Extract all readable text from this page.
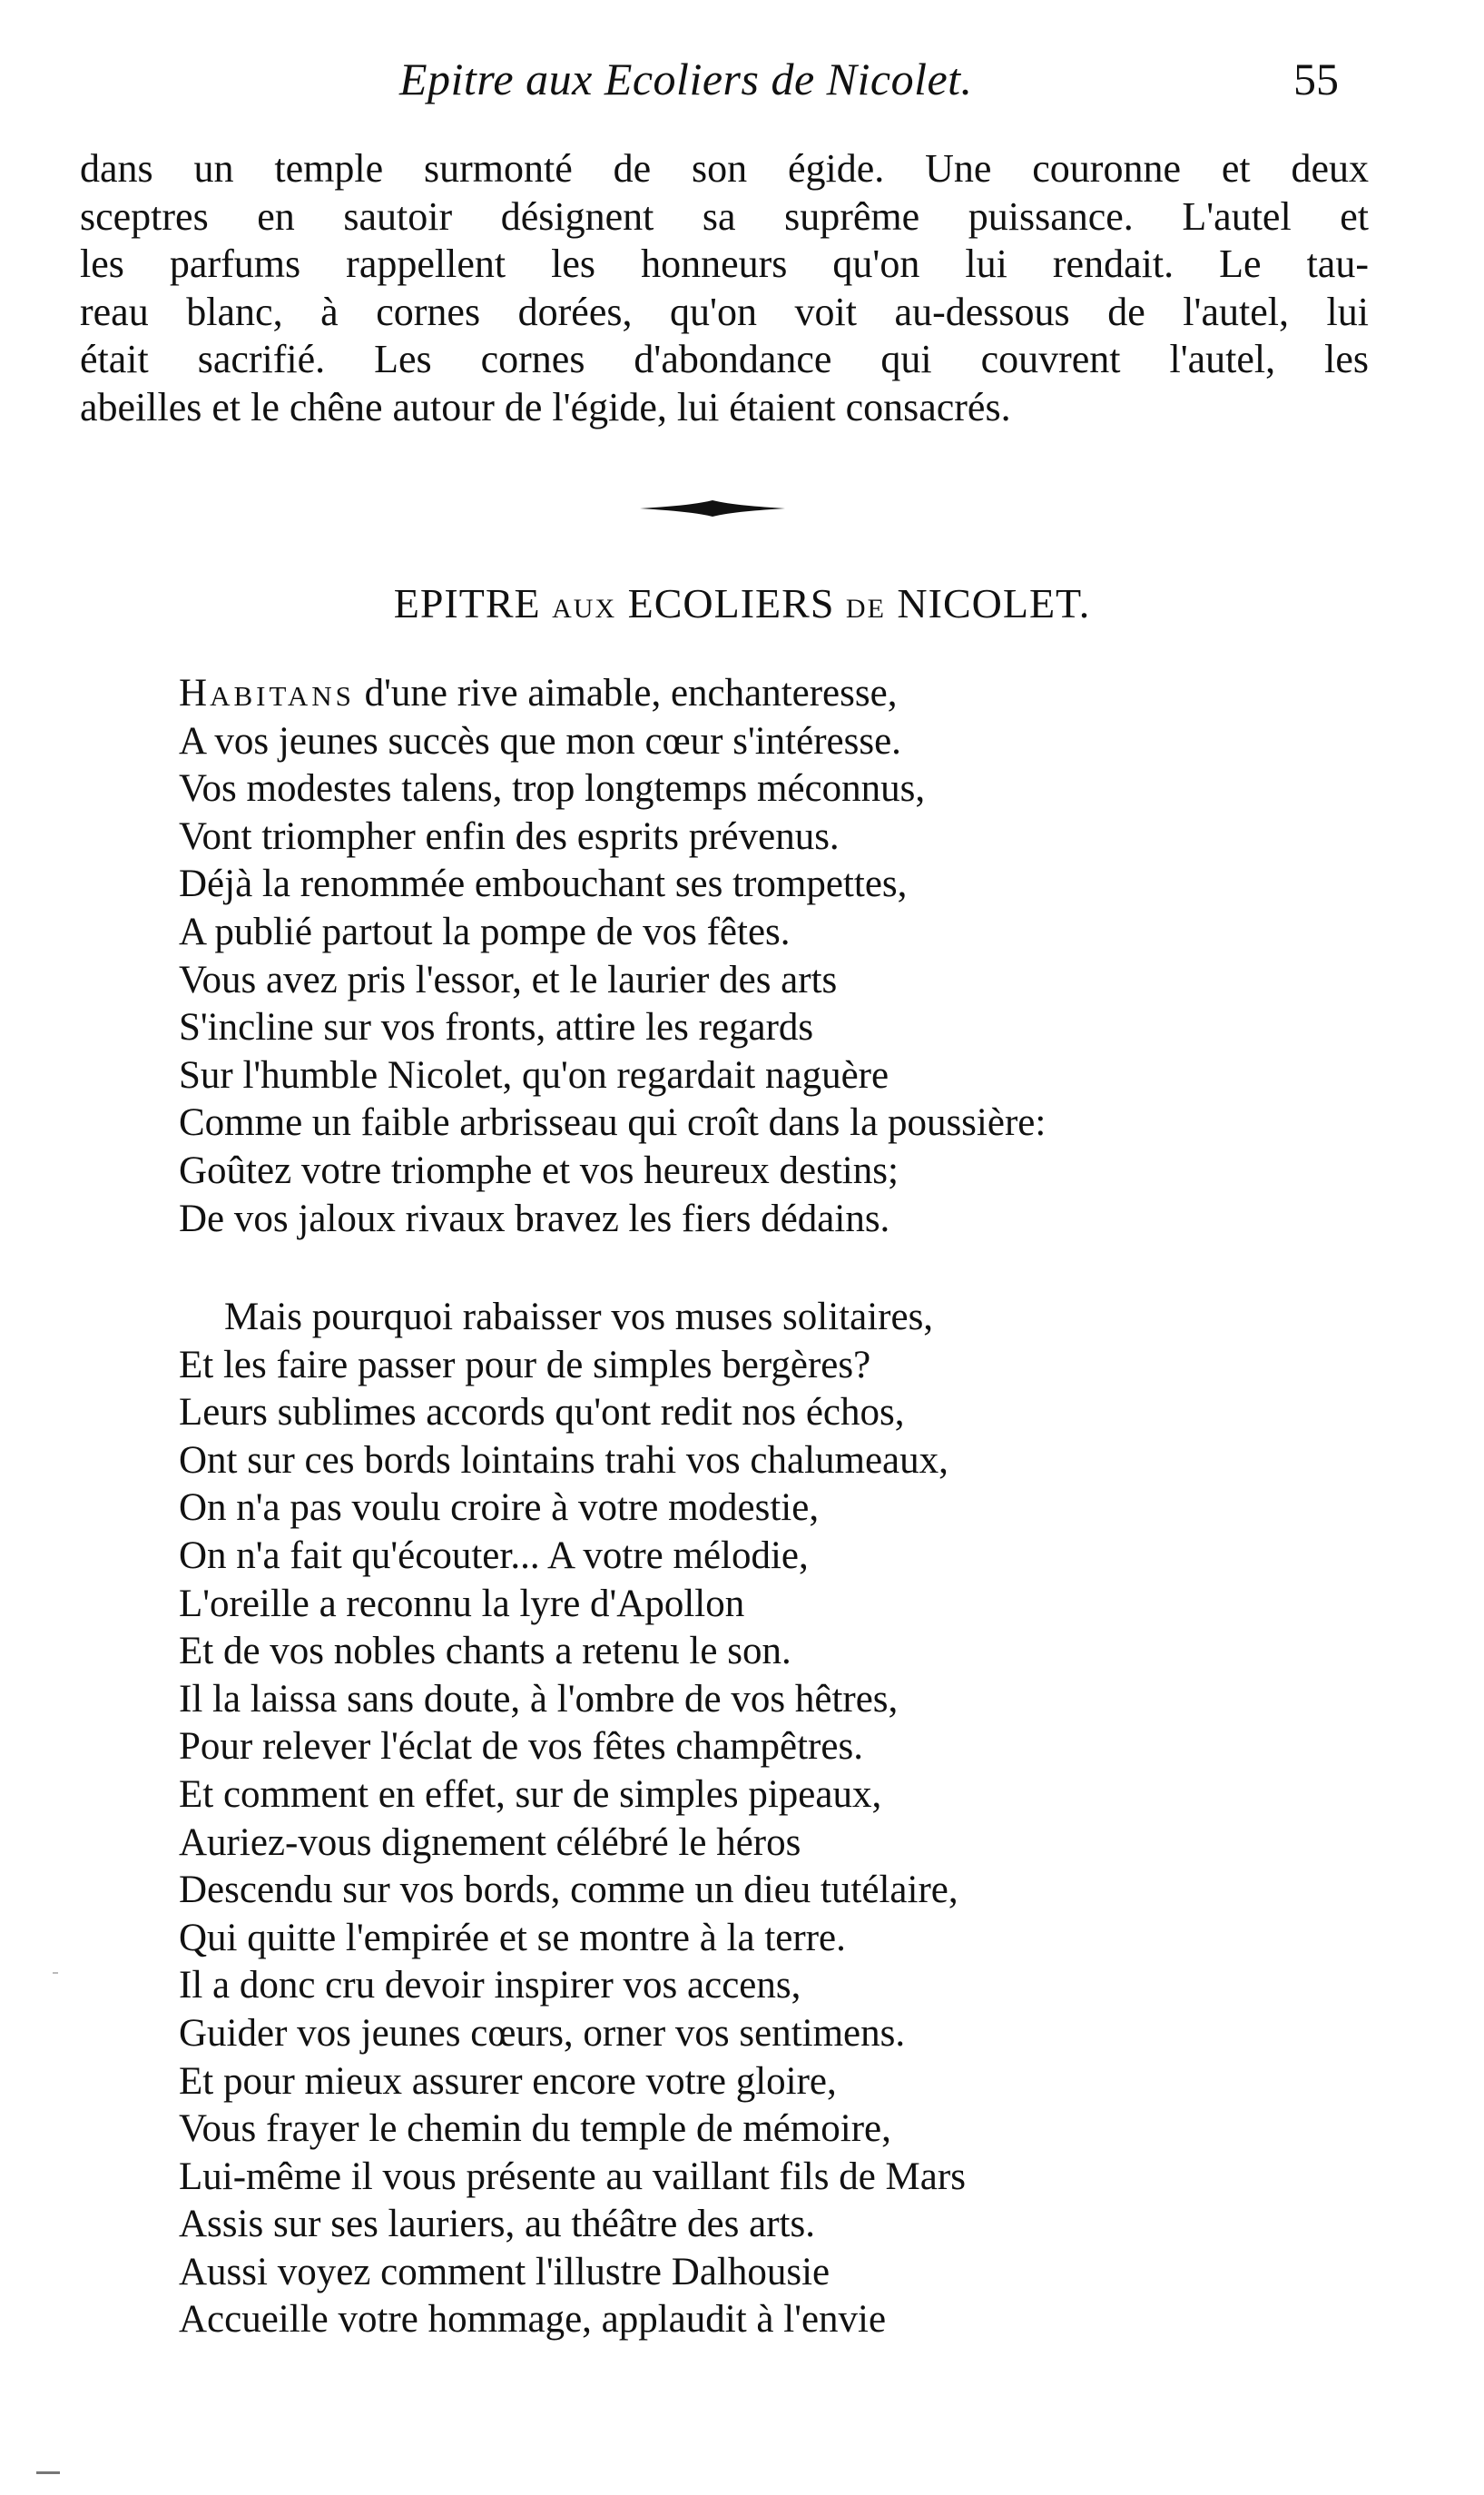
Epitre aux Ecoliers de Nicolet.	55
dans un temple surmonté de son égide. Une couronne et deux
sceptres en sautoir désignent sa suprême puissance. L'autel et
les parfums rappellent les honneurs qu'on lui rendait. Le tau-
reau blanc, à cornes dorées, qu'on voit au-dessous de l'autel, lui
était sacrifié. Les cornes d'abondance qui couvrent l'autel, les
abeilles et le chêne autour de l'égide, lui étaient consacrés.
EPITRE AUX ECOLIERS DE NICOLET.
HABITANS d'une rive aimable, enchanteresse,
A vos jeunes succès que mon cœur s'intéresse.
Vos modestes talens, trop longtemps méconnus,
Vont triompher enfin des esprits prévenus.
Déjà la renommée embouchant ses trompettes,
A publié partout la pompe de vos fêtes.
Vous avez pris l'essor, et le laurier des arts
S'incline sur vos fronts, attire les regards
Sur l'humble Nicolet, qu'on regardait naguère
Comme un faible arbrisseau qui croît dans la poussière:
Goûtez votre triomphe et vos heureux destins;
De vos jaloux rivaux bravez les fiers dédains.
Mais pourquoi rabaisser vos muses solitaires,
Et les faire passer pour de simples bergères?
Leurs sublimes accords qu'ont redit nos échos,
Ont sur ces bords lointains trahi vos chalumeaux,
On n'a pas voulu croire à votre modestie,
On n'a fait qu'écouter... A votre mélodie,
L'oreille a reconnu la lyre d'Apollon
Et de vos nobles chants a retenu le son.
Il la laissa sans doute, à l'ombre de vos hêtres,
Pour relever l'éclat de vos fêtes champêtres.
Et comment en effet, sur de simples pipeaux,
Auriez-vous dignement célébré le héros
Descendu sur vos bords, comme un dieu tutélaire,
Qui quitte l'empirée et se montre à la terre.
Il a donc cru devoir inspirer vos accens,
Guider vos jeunes cœurs, orner vos sentimens.
Et pour mieux assurer encore votre gloire,
Vous frayer le chemin du temple de mémoire,
Lui-même il vous présente au vaillant fils de Mars
Assis sur ses lauriers, au théâtre des arts.
Aussi voyez comment l'illustre Dalhousie
Accueille votre hommage, applaudit à l'envie
